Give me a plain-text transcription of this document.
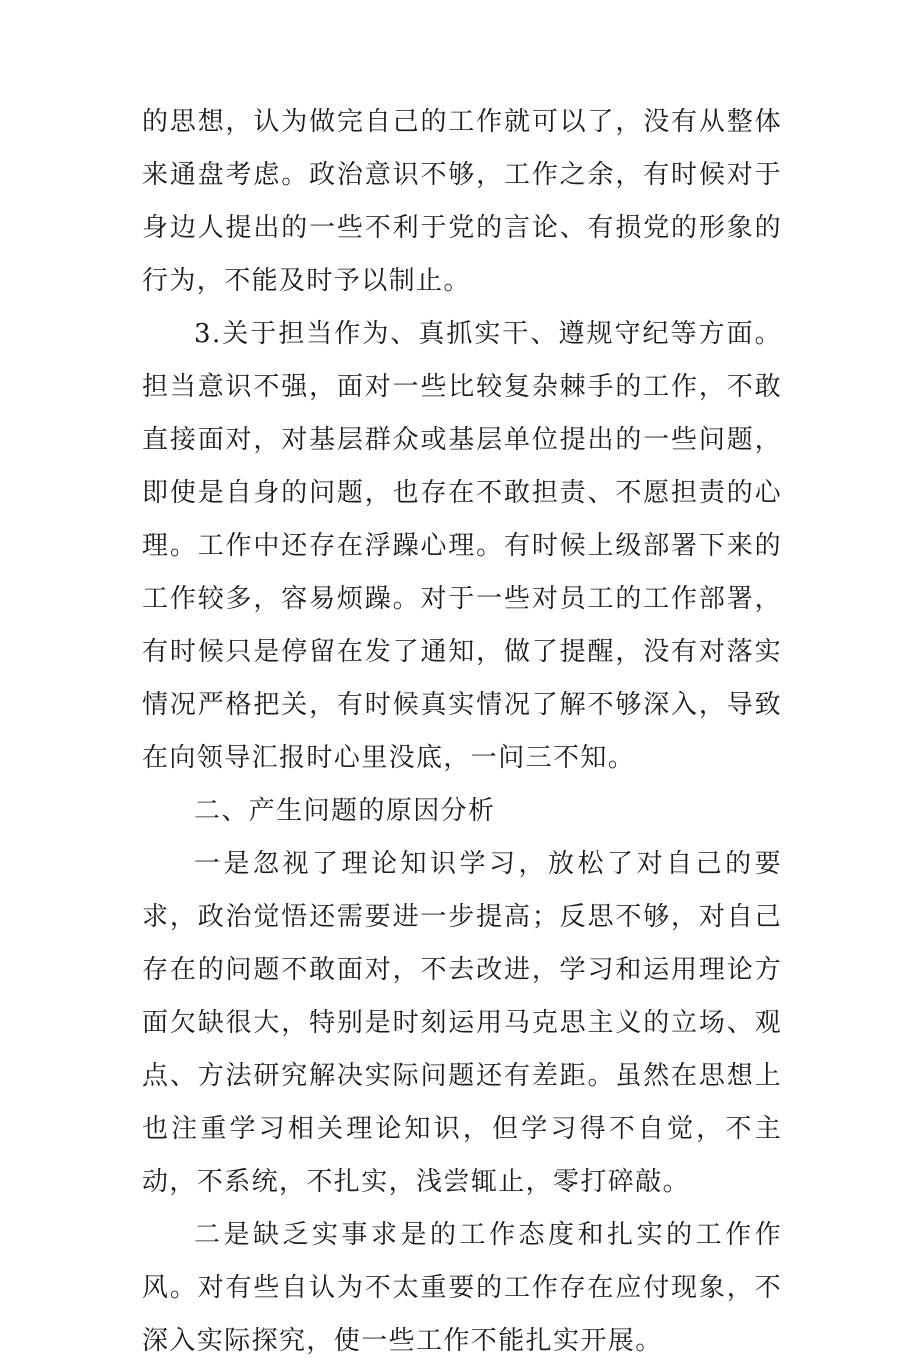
的思想，认为做完自己的工作就可以了，没有从整体来通盘考虑。政治意识不够，工作之余，有时候对于身边人提出的一些不利于党的言论、有损党的形象的行为，不能及时予以制止。

3.关于担当作为、真抓实干、遵规守纪等方面。担当意识不强，面对一些比较复杂棘手的工作，不敢直接面对，对基层群众或基层单位提出的一些问题，即使是自身的问题，也存在不敢担责、不愿担责的心理。工作中还存在浮躁心理。有时候上级部署下来的工作较多，容易烦躁。对于一些对员工的工作部署，有时候只是停留在发了通知，做了提醒，没有对落实情况严格把关，有时候真实情况了解不够深入，导致在向领导汇报时心里没底，一问三不知。

二、产生问题的原因分析

一是忽视了理论知识学习，放松了对自己的要求，政治觉悟还需要进一步提高；反思不够，对自己存在的问题不敢面对，不去改进，学习和运用理论方面欠缺很大，特别是时刻运用马克思主义的立场、观点、方法研究解决实际问题还有差距。虽然在思想上也注重学习相关理论知识，但学习得不自觉，不主动，不系统，不扎实，浅尝辄止，零打碎敲。

二是缺乏实事求是的工作态度和扎实的工作作风。对有些自认为不太重要的工作存在应付现象，不深入实际探究，使一些工作不能扎实开展。
